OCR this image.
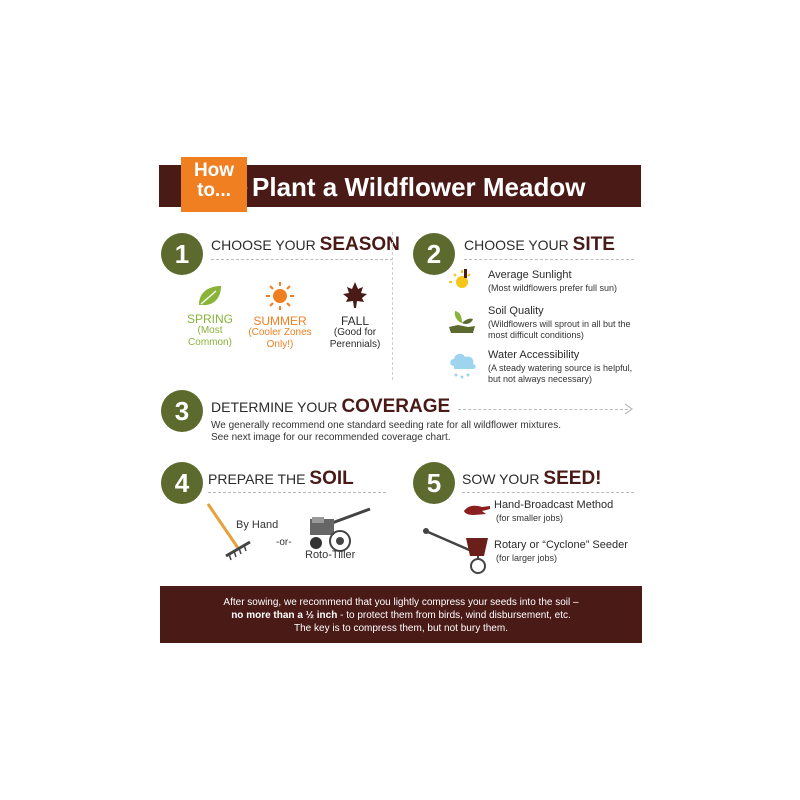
How to... Plant a Wildflower Meadow
1	CHOOSE YOUR SEASON
SPRING
(Most Common)
SUMMER
(Cooler Zones Only!)
FALL
(Good for Perennials)
2	CHOOSE YOUR SITE
Average Sunlight
(Most wildflowers prefer full sun)
Soil Quality
(Wildflowers will sprout in all but the most difficult conditions)
Water Accessibility
(A steady watering source is helpful, but not always necessary)
3	DETERMINE YOUR COVERAGE
We generally recommend one standard seeding rate for all wildflower mixtures.
See next image for our recommended coverage chart.
4	PREPARE THE SOIL
By Hand
-or-
Roto-Tiller
5	SOW YOUR SEED!
Hand-Broadcast Method
(for smaller jobs)
Rotary or “Cyclone” Seeder
(for larger jobs)

After sowing, we recommend that you lightly compress your seeds into the soil –

no more than a ½ inch - to protect them from birds, wind disbursement, etc.

The key is to compress them, but not bury them.
